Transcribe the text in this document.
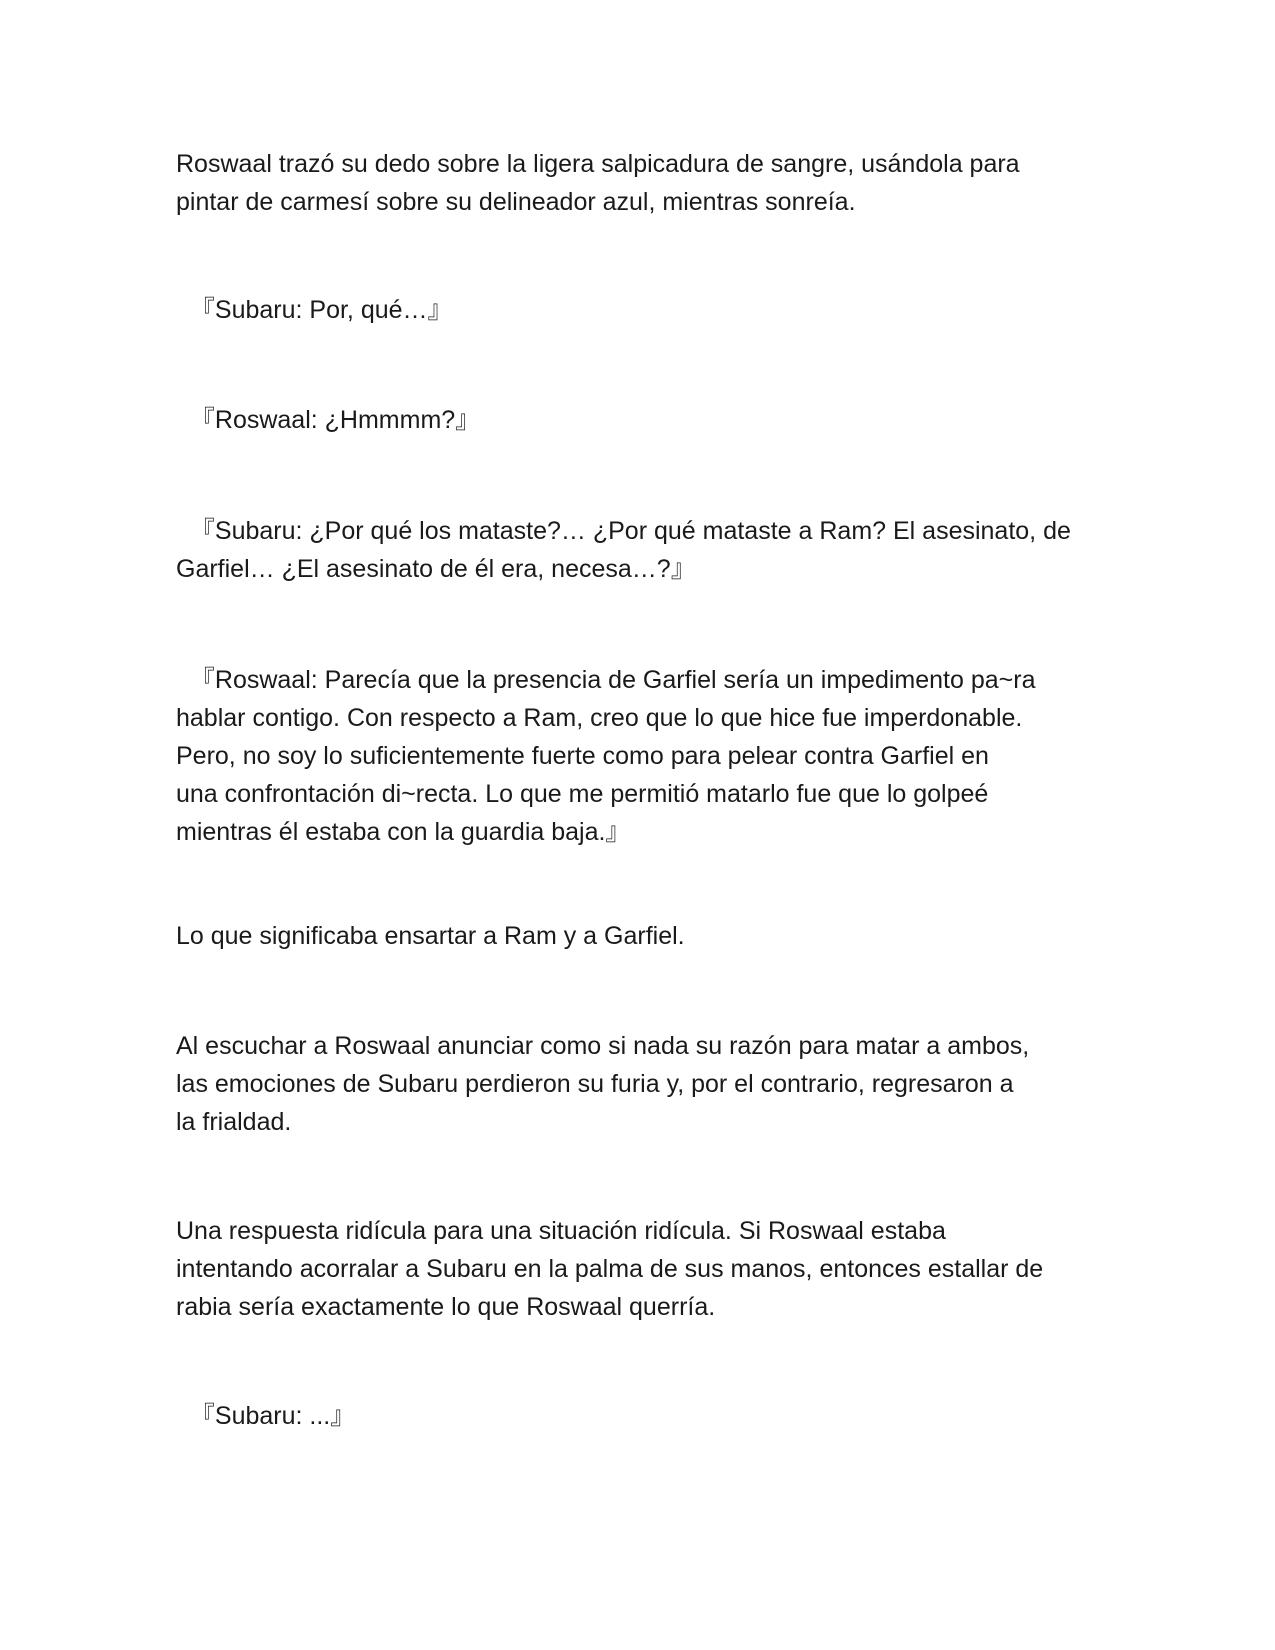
Roswaal trazó su dedo sobre la ligera salpicadura de sangre, usándola para
pintar de carmesí sobre su delineador azul, mientras sonreía.

『Subaru: Por, qué…』

『Roswaal: ¿Hmmmm?』

『Subaru: ¿Por qué los mataste?… ¿Por qué mataste a Ram? El asesinato, de
Garfiel… ¿El asesinato de él era, necesa…?』

『Roswaal: Parecía que la presencia de Garfiel sería un impedimento pa~ra
hablar contigo. Con respecto a Ram, creo que lo que hice fue imperdonable.
Pero, no soy lo suficientemente fuerte como para pelear contra Garfiel en
una confrontación di~recta. Lo que me permitió matarlo fue que lo golpeé
mientras él estaba con la guardia baja.』

Lo que significaba ensartar a Ram y a Garfiel.

Al escuchar a Roswaal anunciar como si nada su razón para matar a ambos,
las emociones de Subaru perdieron su furia y, por el contrario, regresaron a
la frialdad.

Una respuesta ridícula para una situación ridícula. Si Roswaal estaba
intentando acorralar a Subaru en la palma de sus manos, entonces estallar de
rabia sería exactamente lo que Roswaal querría.

『Subaru: ...』
